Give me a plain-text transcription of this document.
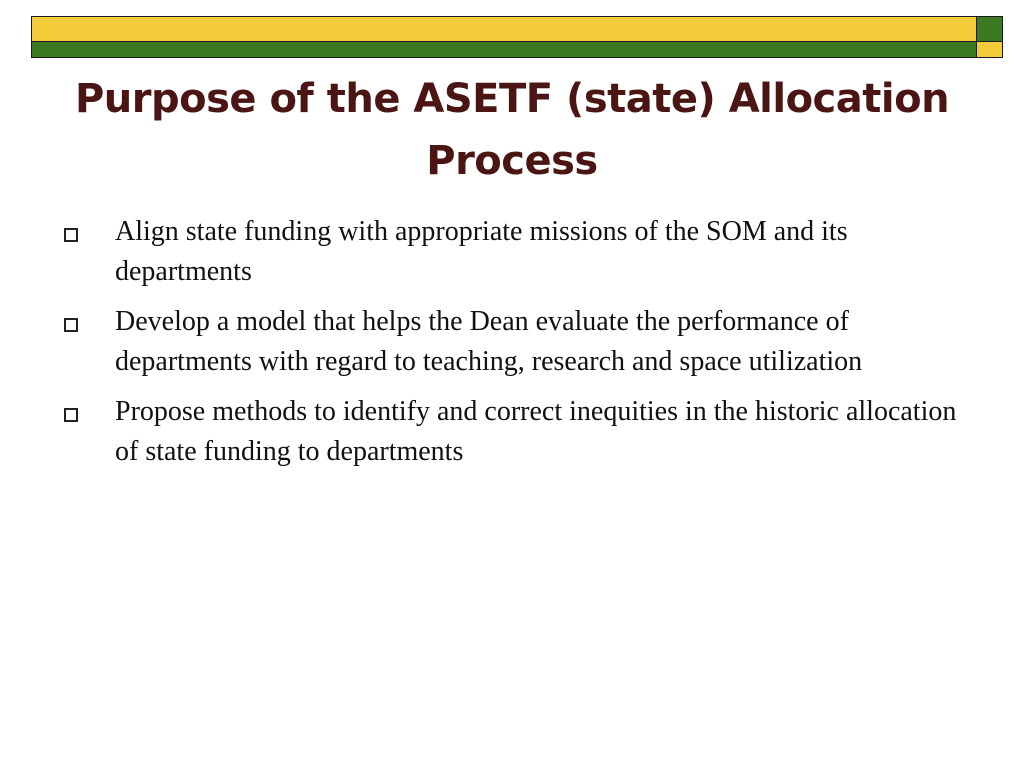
Purpose of the ASETF (state) Allocation Process
Align state funding with appropriate missions of the SOM and its departments
Develop a model that helps the Dean evaluate the performance of departments with regard to teaching, research and space utilization
Propose methods to identify and correct inequities in the historic allocation of state funding to departments
